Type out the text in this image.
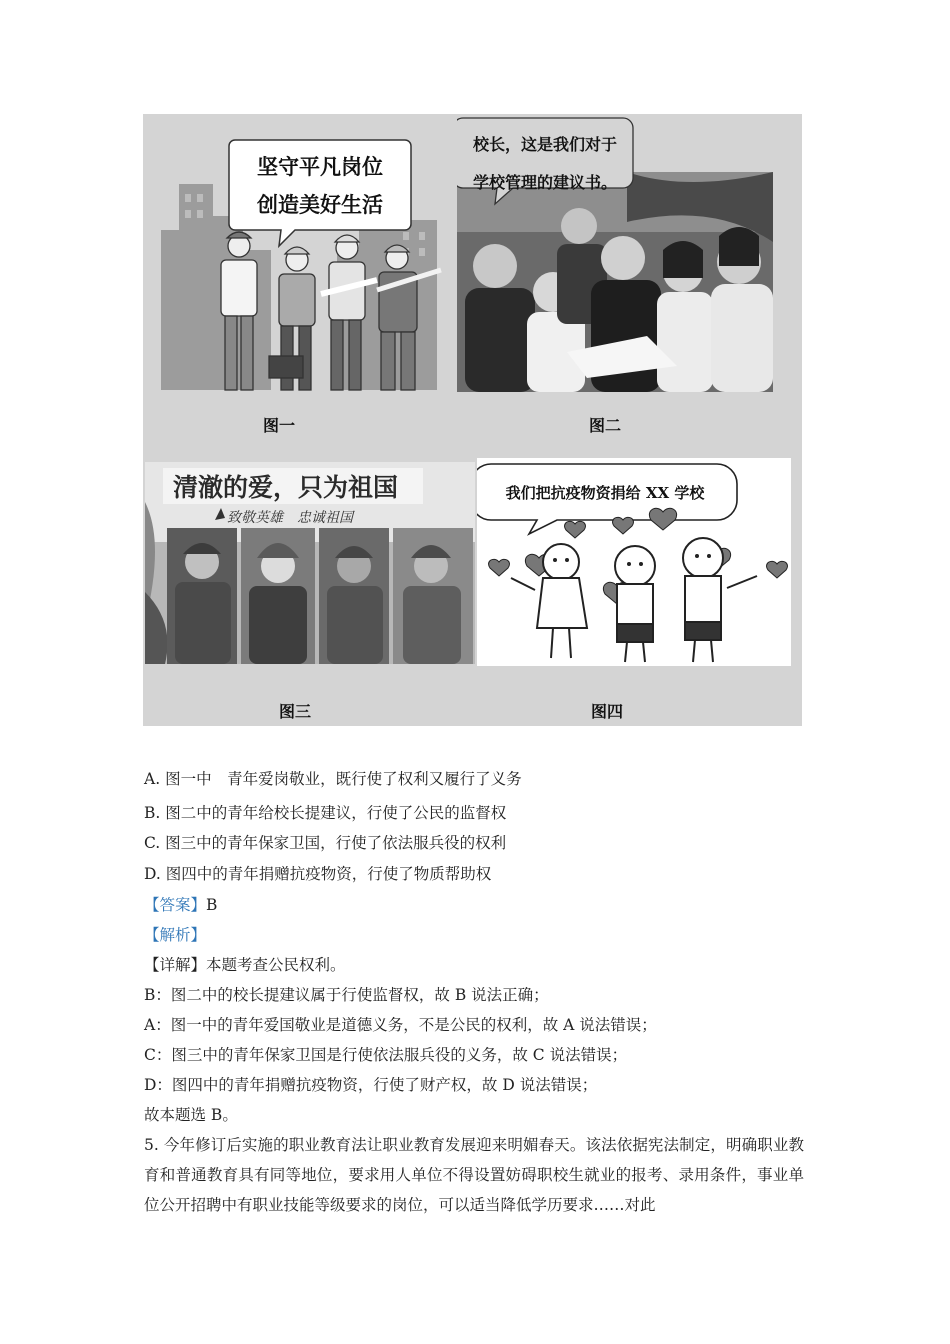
坚守平凡岗位
创造美好生活
图一
校长，这是我们对于
学校管理的建议书。
图二
清澈的爱，只为祖国
致敬英雄　忠诚祖国
图三
我们把抗疫物资捐给 XX 学校
图四
A. 图一中　青年爱岗敬业，既行使了权利又履行了义务
B. 图二中的青年给校长提建议，行使了公民的监督权
C. 图三中的青年保家卫国，行使了依法服兵役的权利
D. 图四中的青年捐赠抗疫物资，行使了物质帮助权
【答案】B
【解析】
【详解】本题考查公民权利。
B：图二中的校长提建议属于行使监督权，故 B 说法正确；
A：图一中的青年爱国敬业是道德义务，不是公民的权利，故 A 说法错误；
C：图三中的青年保家卫国是行使依法服兵役的义务，故 C 说法错误；
D：图四中的青年捐赠抗疫物资，行使了财产权，故 D 说法错误；
故本题选 B。
5. 今年修订后实施的职业教育法让职业教育发展迎来明媚春天。该法依据宪法制定，明确职业教育和普通教育具有同等地位，要求用人单位不得设置妨碍职校生就业的报考、录用条件，事业单位公开招聘中有职业技能等级要求的岗位，可以适当降低学历要求……对此
